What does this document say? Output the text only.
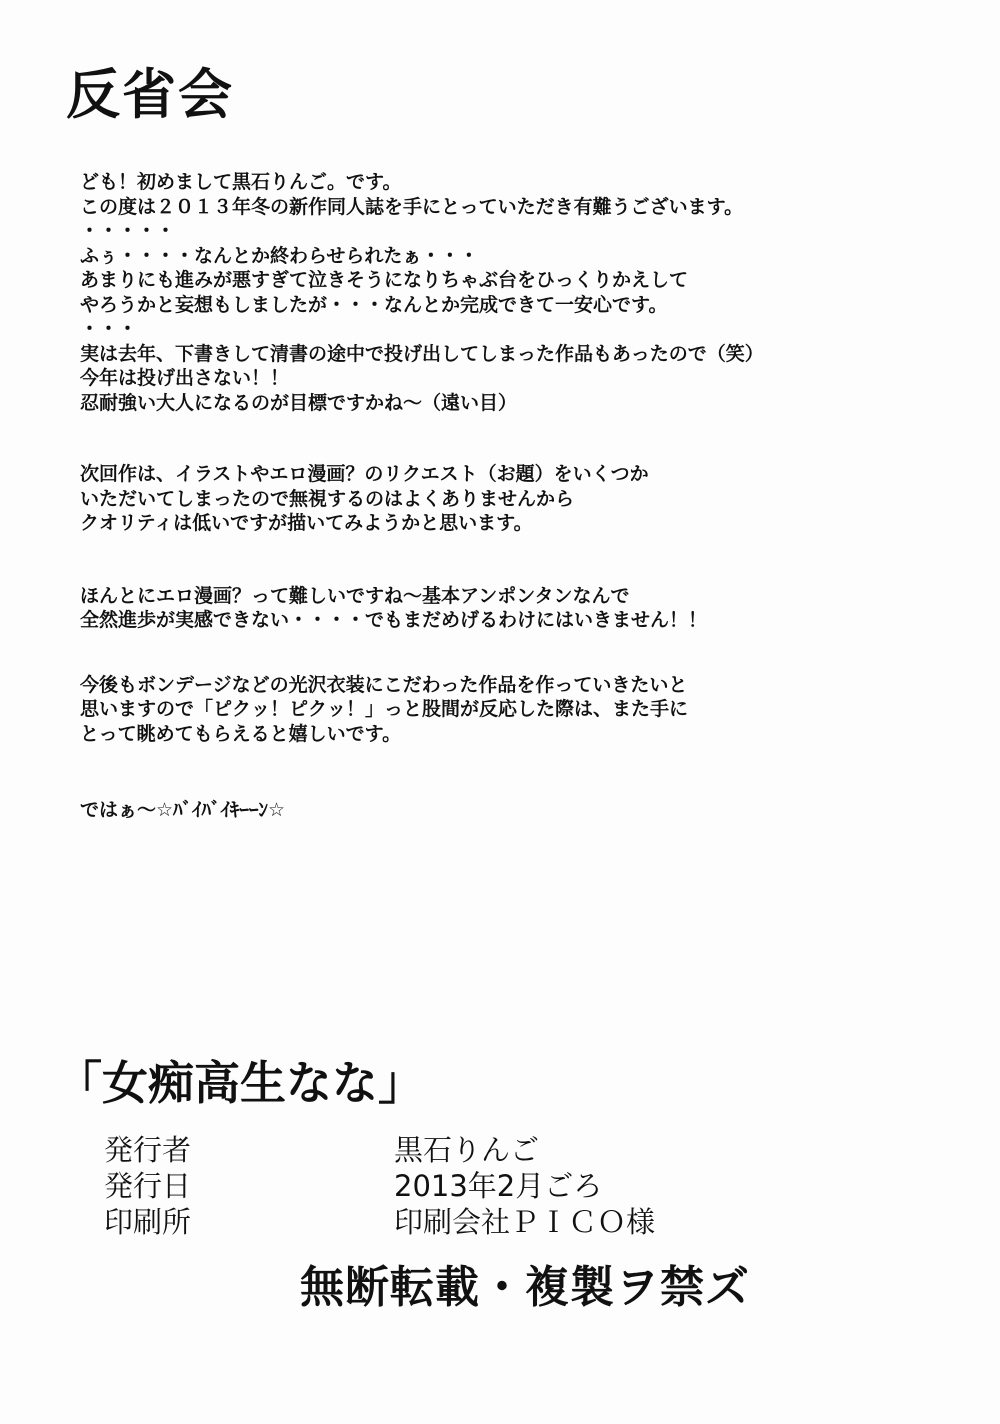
反省会

ども！初めまして黒石りんご。です。
この度は２０１３年冬の新作同人誌を手にとっていただき有難うございます。
・・・・・
ふぅ・・・・なんとか終わらせられたぁ・・・
あまりにも進みが悪すぎて泣きそうになりちゃぶ台をひっくりかえして
やろうかと妄想もしましたが・・・なんとか完成できて一安心です。
・・・
実は去年、下書きして清書の途中で投げ出してしまった作品もあったので（笑）
今年は投げ出さない！！
忍耐強い大人になるのが目標ですかね～（遠い目）

次回作は、イラストやエロ漫画？のリクエスト（お題）をいくつか
いただいてしまったので無視するのはよくありませんから
クオリティは低いですが描いてみようかと思います。

ほんとにエロ漫画？って難しいですね～基本アンポンタンなんで
全然進歩が実感できない・・・・でもまだめげるわけにはいきません！！

今後もボンデージなどの光沢衣装にこだわった作品を作っていきたいと
思いますので「ピクッ！ピクッ！」っと股間が反応した際は、また手に
とって眺めてもらえると嬉しいです。

ではぁ～☆ﾊﾞｲﾊﾞｲｷｰｰﾝ☆

「女痴高生なな」
発行者	黒石りんご
発行日	2013年2月ごろ
印刷所	印刷会社ＰＩＣＯ様
無断転載・複製ヲ禁ズ
